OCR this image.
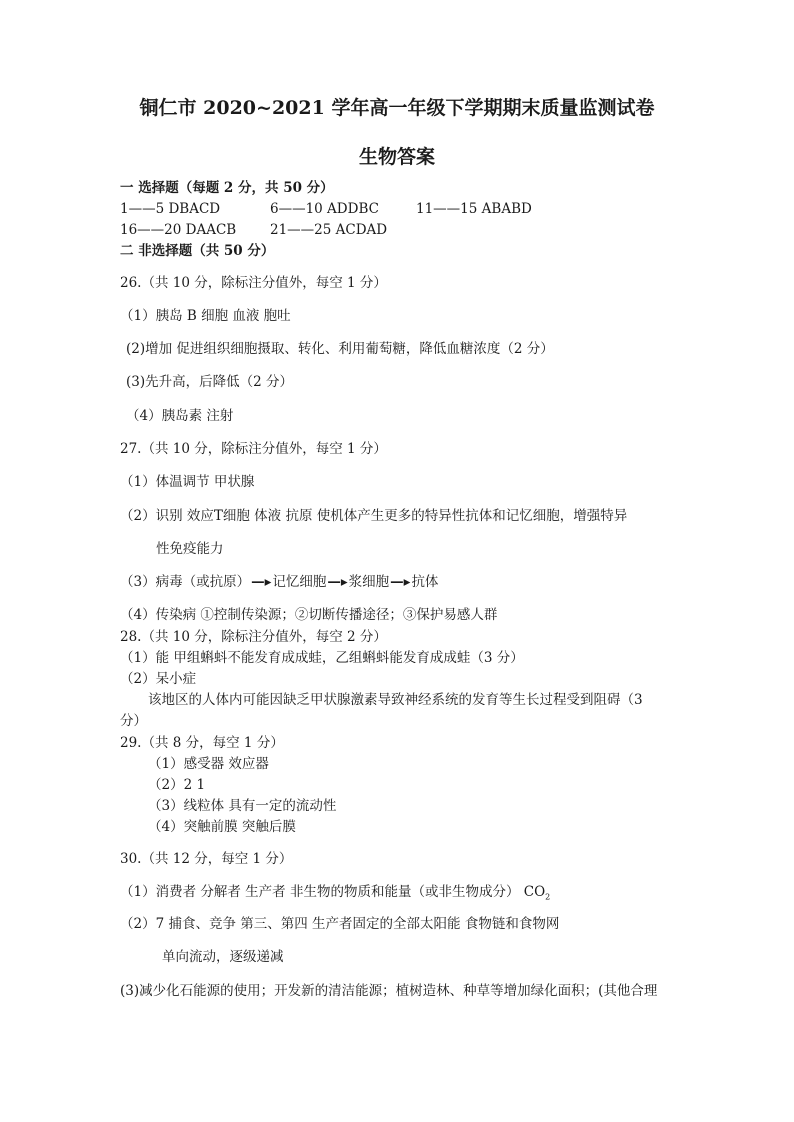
铜仁市 2020~2021 学年高一年级下学期期末质量监测试卷
生物答案
一 选择题（每题 2 分，共 50 分）
1——5 DBACD	6——10 ADDBC	11——15 ABABD
16——20 DAACB	21——25 ACDAD
二 非选择题（共 50 分）
26.（共 10 分，除标注分值外，每空 1 分）
（1）胰岛 B 细胞 血液 胞吐
(2)增加 促进组织细胞摄取、转化、利用葡萄糖，降低血糖浓度（2 分）
(3)先升高，后降低（2 分）
（4）胰岛素 注射
27.（共 10 分，除标注分值外，每空 1 分）
（1）体温调节 甲状腺
（2）识别 效应T细胞 体液 抗原 使机体产生更多的特异性抗体和记忆细胞，增强特异
性免疫能力
（3）病毒（或抗原）—▸记忆细胞—▸浆细胞—▸抗体
（4）传染病 ①控制传染源；②切断传播途径；③保护易感人群
28.（共 10 分，除标注分值外，每空 2 分）
（1）能 甲组蝌蚪不能发育成成蛙，乙组蝌蚪能发育成成蛙（3 分）
（2）呆小症
该地区的人体内可能因缺乏甲状腺激素导致神经系统的发育等生长过程受到阻碍（3
分）
29.（共 8 分，每空 1 分）
（1）感受器 效应器
（2）2 1
（3）线粒体 具有一定的流动性
（4）突触前膜 突触后膜
30.（共 12 分，每空 1 分）
（1）消费者 分解者 生产者 非生物的物质和能量（或非生物成分） $CO_2$
（2）7 捕食、竞争 第三、第四 生产者固定的全部太阳能 食物链和食物网
单向流动，逐级递减
(3)减少化石能源的使用；开发新的清洁能源；植树造林、种草等增加绿化面积；(其他合理
